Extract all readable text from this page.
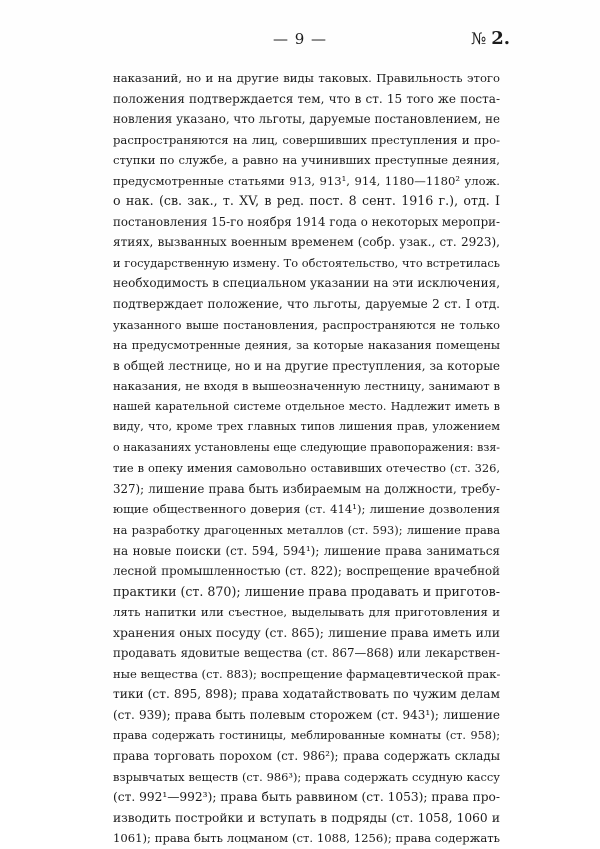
— 9 —	№ 2.
наказаний, но и на другие виды таковых. Правильность этого
положения подтверждается тем, что в ст. 15 того же поста-
новления указано, что льготы, даруемые постановлением, не
распространяются на лиц, совершивших преступления и про-
ступки по службе, а равно на учинивших преступные деяния,
предусмотренные статьями 913, 913¹, 914, 1180—1180² улож.
о нак. (св. зак., т. XV, в ред. пост. 8 сент. 1916 г.), отд. I
постановления 15-го ноября 1914 года о некоторых меропри-
ятиях, вызванных военным временем (собр. узак., ст. 2923),
и государственную измену. То обстоятельство, что встретилась
необходимость в специальном указании на эти исключения,
подтверждает положение, что льготы, даруемые 2 ст. I отд.
указанного выше постановления, распространяются не только
на предусмотренные деяния, за которые наказания помещены
в общей лестнице, но и на другие преступления, за которые
наказания, не входя в вышеозначенную лестницу, занимают в
нашей карательной системе отдельное место. Надлежит иметь в
виду, что, кроме трех главных типов лишения прав, уложением
о наказаниях установлены еще следующие правопоражения: взя-
тие в опеку имения самовольно оставивших отечество (ст. 326,
327); лишение права быть избираемым на должности, требу-
ющие общественного доверия (ст. 414¹); лишение дозволения
на разработку драгоценных металлов (ст. 593); лишение права
на новые поиски (ст. 594, 594¹); лишение права заниматься
лесной промышленностью (ст. 822); воспрещение врачебной
практики (ст. 870); лишение права продавать и приготов-
лять напитки или съестное, выделывать для приготовления и
хранения оных посуду (ст. 865); лишение права иметь или
продавать ядовитые вещества (ст. 867—868) или лекарствен-
ные вещества (ст. 883); воспрещение фармацевтической прак-
тики (ст. 895, 898); права ходатайствовать по чужим делам
(ст. 939); права быть полевым сторожем (ст. 943¹); лишение
права содержать гостиницы, меблированные комнаты (ст. 958);
права торговать порохом (ст. 986²); права содержать склады
взрывчатых веществ (ст. 986³); права содержать ссудную кассу
(ст. 992¹—992³); права быть раввином (ст. 1053); права про-
изводить постройки и вступать в подряды (ст. 1058, 1060 и
1061); права быть лоцманом (ст. 1088, 1256); права содержать
